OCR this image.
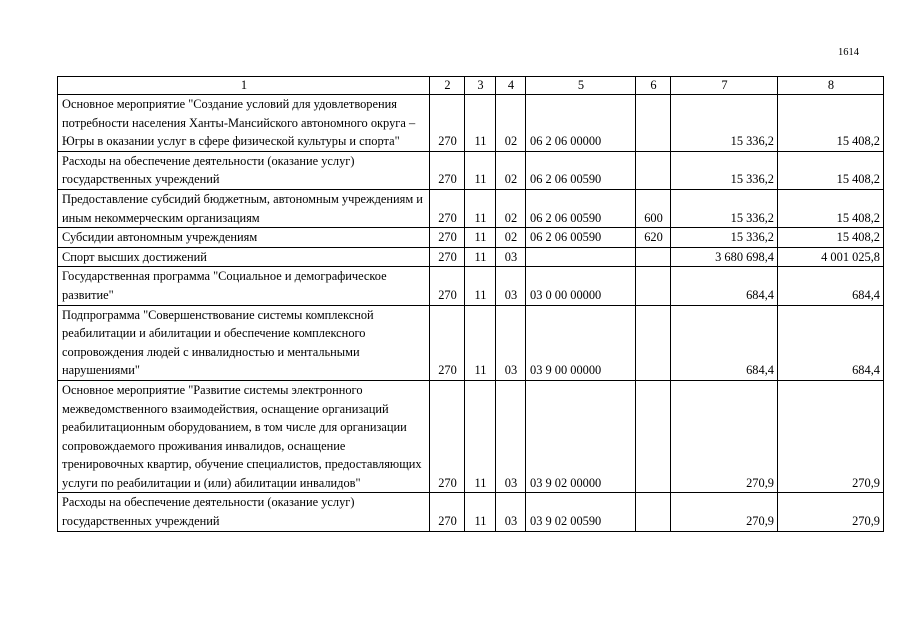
1614
1	2	3	4	5	6	7	8
Основное мероприятие "Создание условий для удовлетворения потребности населения Ханты-Мансийского автономного округа – Югры в оказании услуг в сфере физической культуры и спорта"	270	11	02	06 2 06 00000		15 336,2	15 408,2
Расходы на обеспечение деятельности (оказание услуг) государственных учреждений	270	11	02	06 2 06 00590		15 336,2	15 408,2
Предоставление субсидий бюджетным, автономным учреждениям и иным некоммерческим организациям	270	11	02	06 2 06 00590	600	15 336,2	15 408,2
Субсидии автономным учреждениям	270	11	02	06 2 06 00590	620	15 336,2	15 408,2
Спорт высших достижений	270	11	03			3 680 698,4	4 001 025,8
Государственная программа "Социальное и демографическое развитие"	270	11	03	03 0 00 00000		684,4	684,4
Подпрограмма "Совершенствование системы комплексной реабилитации и абилитации и обеспечение комплексного сопровождения людей с инвалидностью и ментальными нарушениями"	270	11	03	03 9 00 00000		684,4	684,4
Основное мероприятие "Развитие системы электронного межведомственного взаимодействия, оснащение организаций реабилитационным оборудованием, в том числе для организации сопровождаемого проживания инвалидов, оснащение тренировочных квартир, обучение специалистов, предоставляющих услуги по реабилитации и (или) абилитации инвалидов"	270	11	03	03 9 02 00000		270,9	270,9
Расходы на обеспечение деятельности (оказание услуг) государственных учреждений	270	11	03	03 9 02 00590		270,9	270,9
